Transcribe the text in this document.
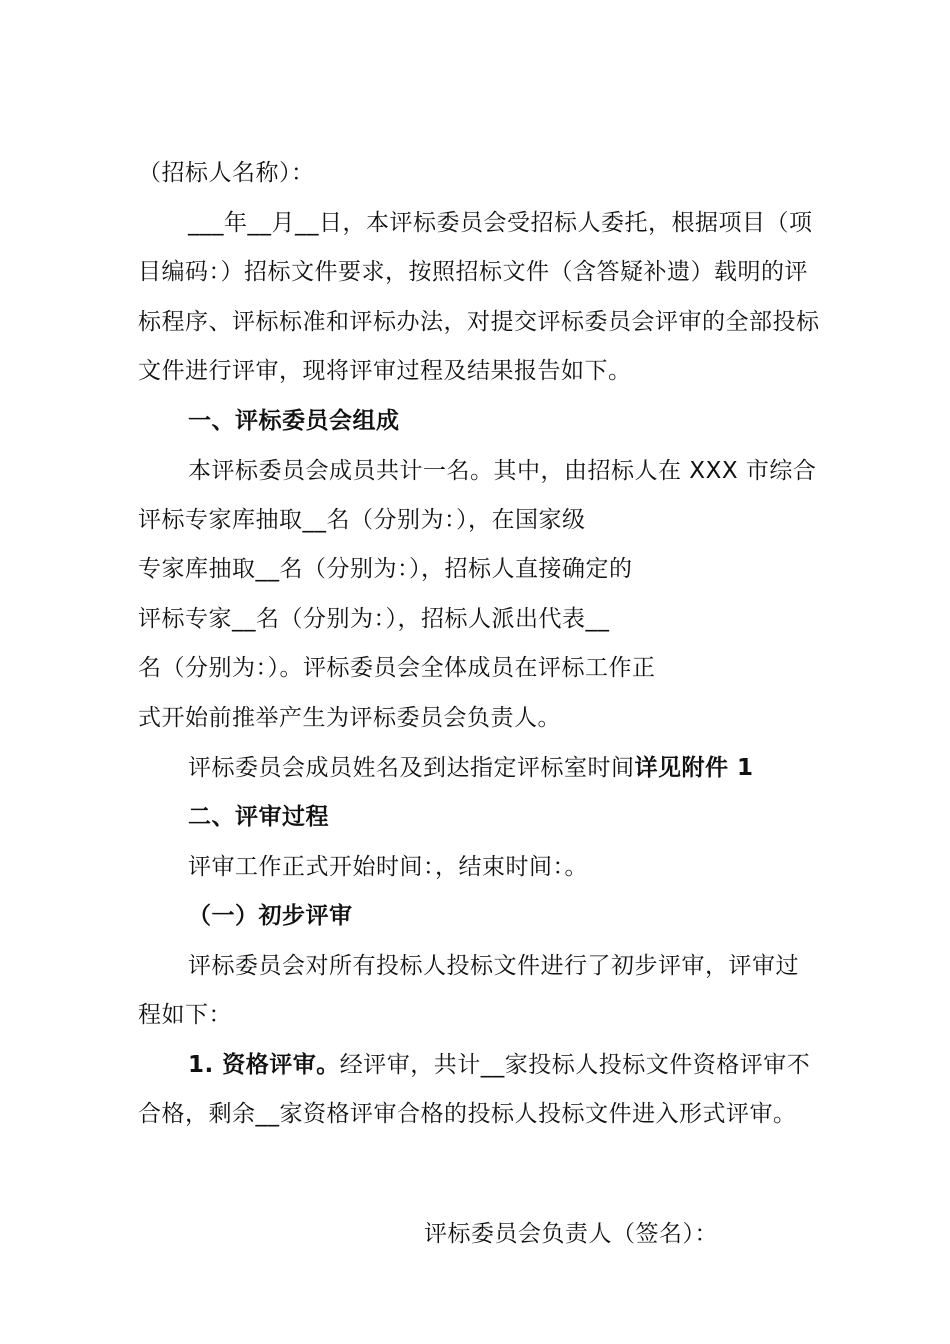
（招标人名称）：
___年__月__日，本评标委员会受招标人委托，根据项目（项
目编码：）招标文件要求，按照招标文件（含答疑补遗）载明的评
标程序、评标标准和评标办法，对提交评标委员会评审的全部投标
文件进行评审，现将评审过程及结果报告如下。
一、评标委员会组成
本评标委员会成员共计一名。其中，由招标人在 XXX 市综合
评标专家库抽取__名（分别为：），在国家级
专家库抽取__名（分别为：），招标人直接确定的
评标专家__名（分别为：），招标人派出代表__
名（分别为：）。评标委员会全体成员在评标工作正
式开始前推举产生为评标委员会负责人。
评标委员会成员姓名及到达指定评标室时间详见附件 1
二、评审过程
评审工作正式开始时间：，结束时间：。
（一）初步评审
评标委员会对所有投标人投标文件进行了初步评审，评审过
程如下：
1. 资格评审。经评审，共计__家投标人投标文件资格评审不
合格，剩余__家资格评审合格的投标人投标文件进入形式评审。
评标委员会负责人（签名）：
